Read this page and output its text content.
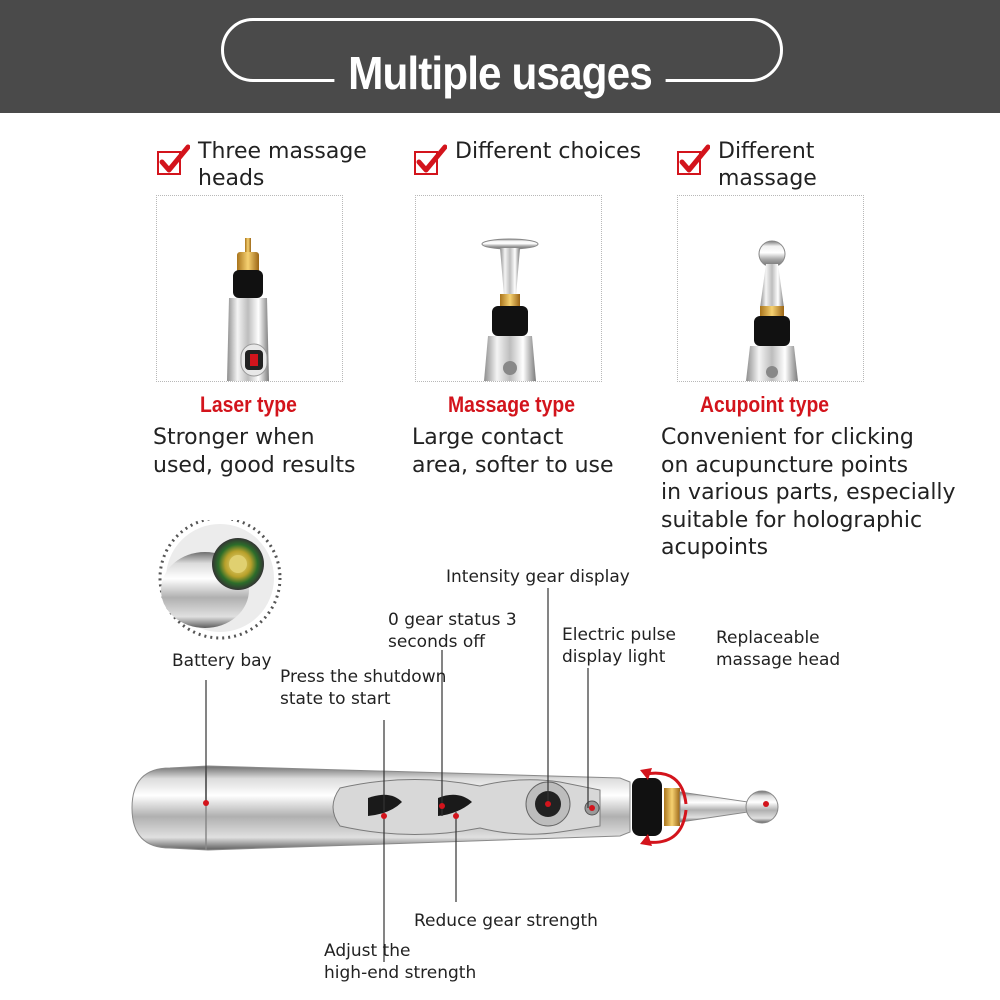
Multiple usages
Three massage
heads
Different choices	Different massage

Laser type	Massage type	Acupoint type
Stronger when
used, good results
Large contact
area, softer to use
Convenient for clicking
on acupuncture points
in various parts, especially
suitable for holographic
acupoints
Battery bay
Intensity gear display
0 gear status 3
seconds off	Electric pulse
display light
Replaceable
massage head
Press the shutdown
state to start
Reduce gear strength
Adjust the
high-end strength
